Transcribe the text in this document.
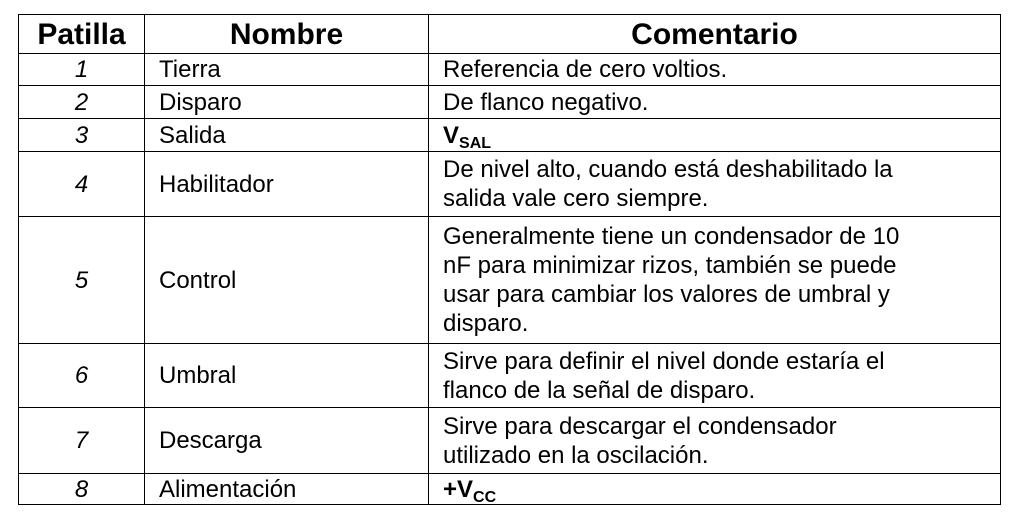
Patilla	Nombre	Comentario
1	Tierra	Referencia de cero voltios.
2	Disparo	De flanco negativo.
3	Salida	$V_{SAL}$
4	Habilitador	De nivel alto, cuando está deshabilitado la
salida vale cero siempre.
5	Control	Generalmente tiene un condensador de 10
nF para minimizar rizos, también se puede
usar para cambiar los valores de umbral y
disparo.
6	Umbral	Sirve para definir el nivel donde estaría el
flanco de la señal de disparo.
7	Descarga	Sirve para descargar el condensador
utilizado en la oscilación.
8	Alimentación	$+V_{CC}$
